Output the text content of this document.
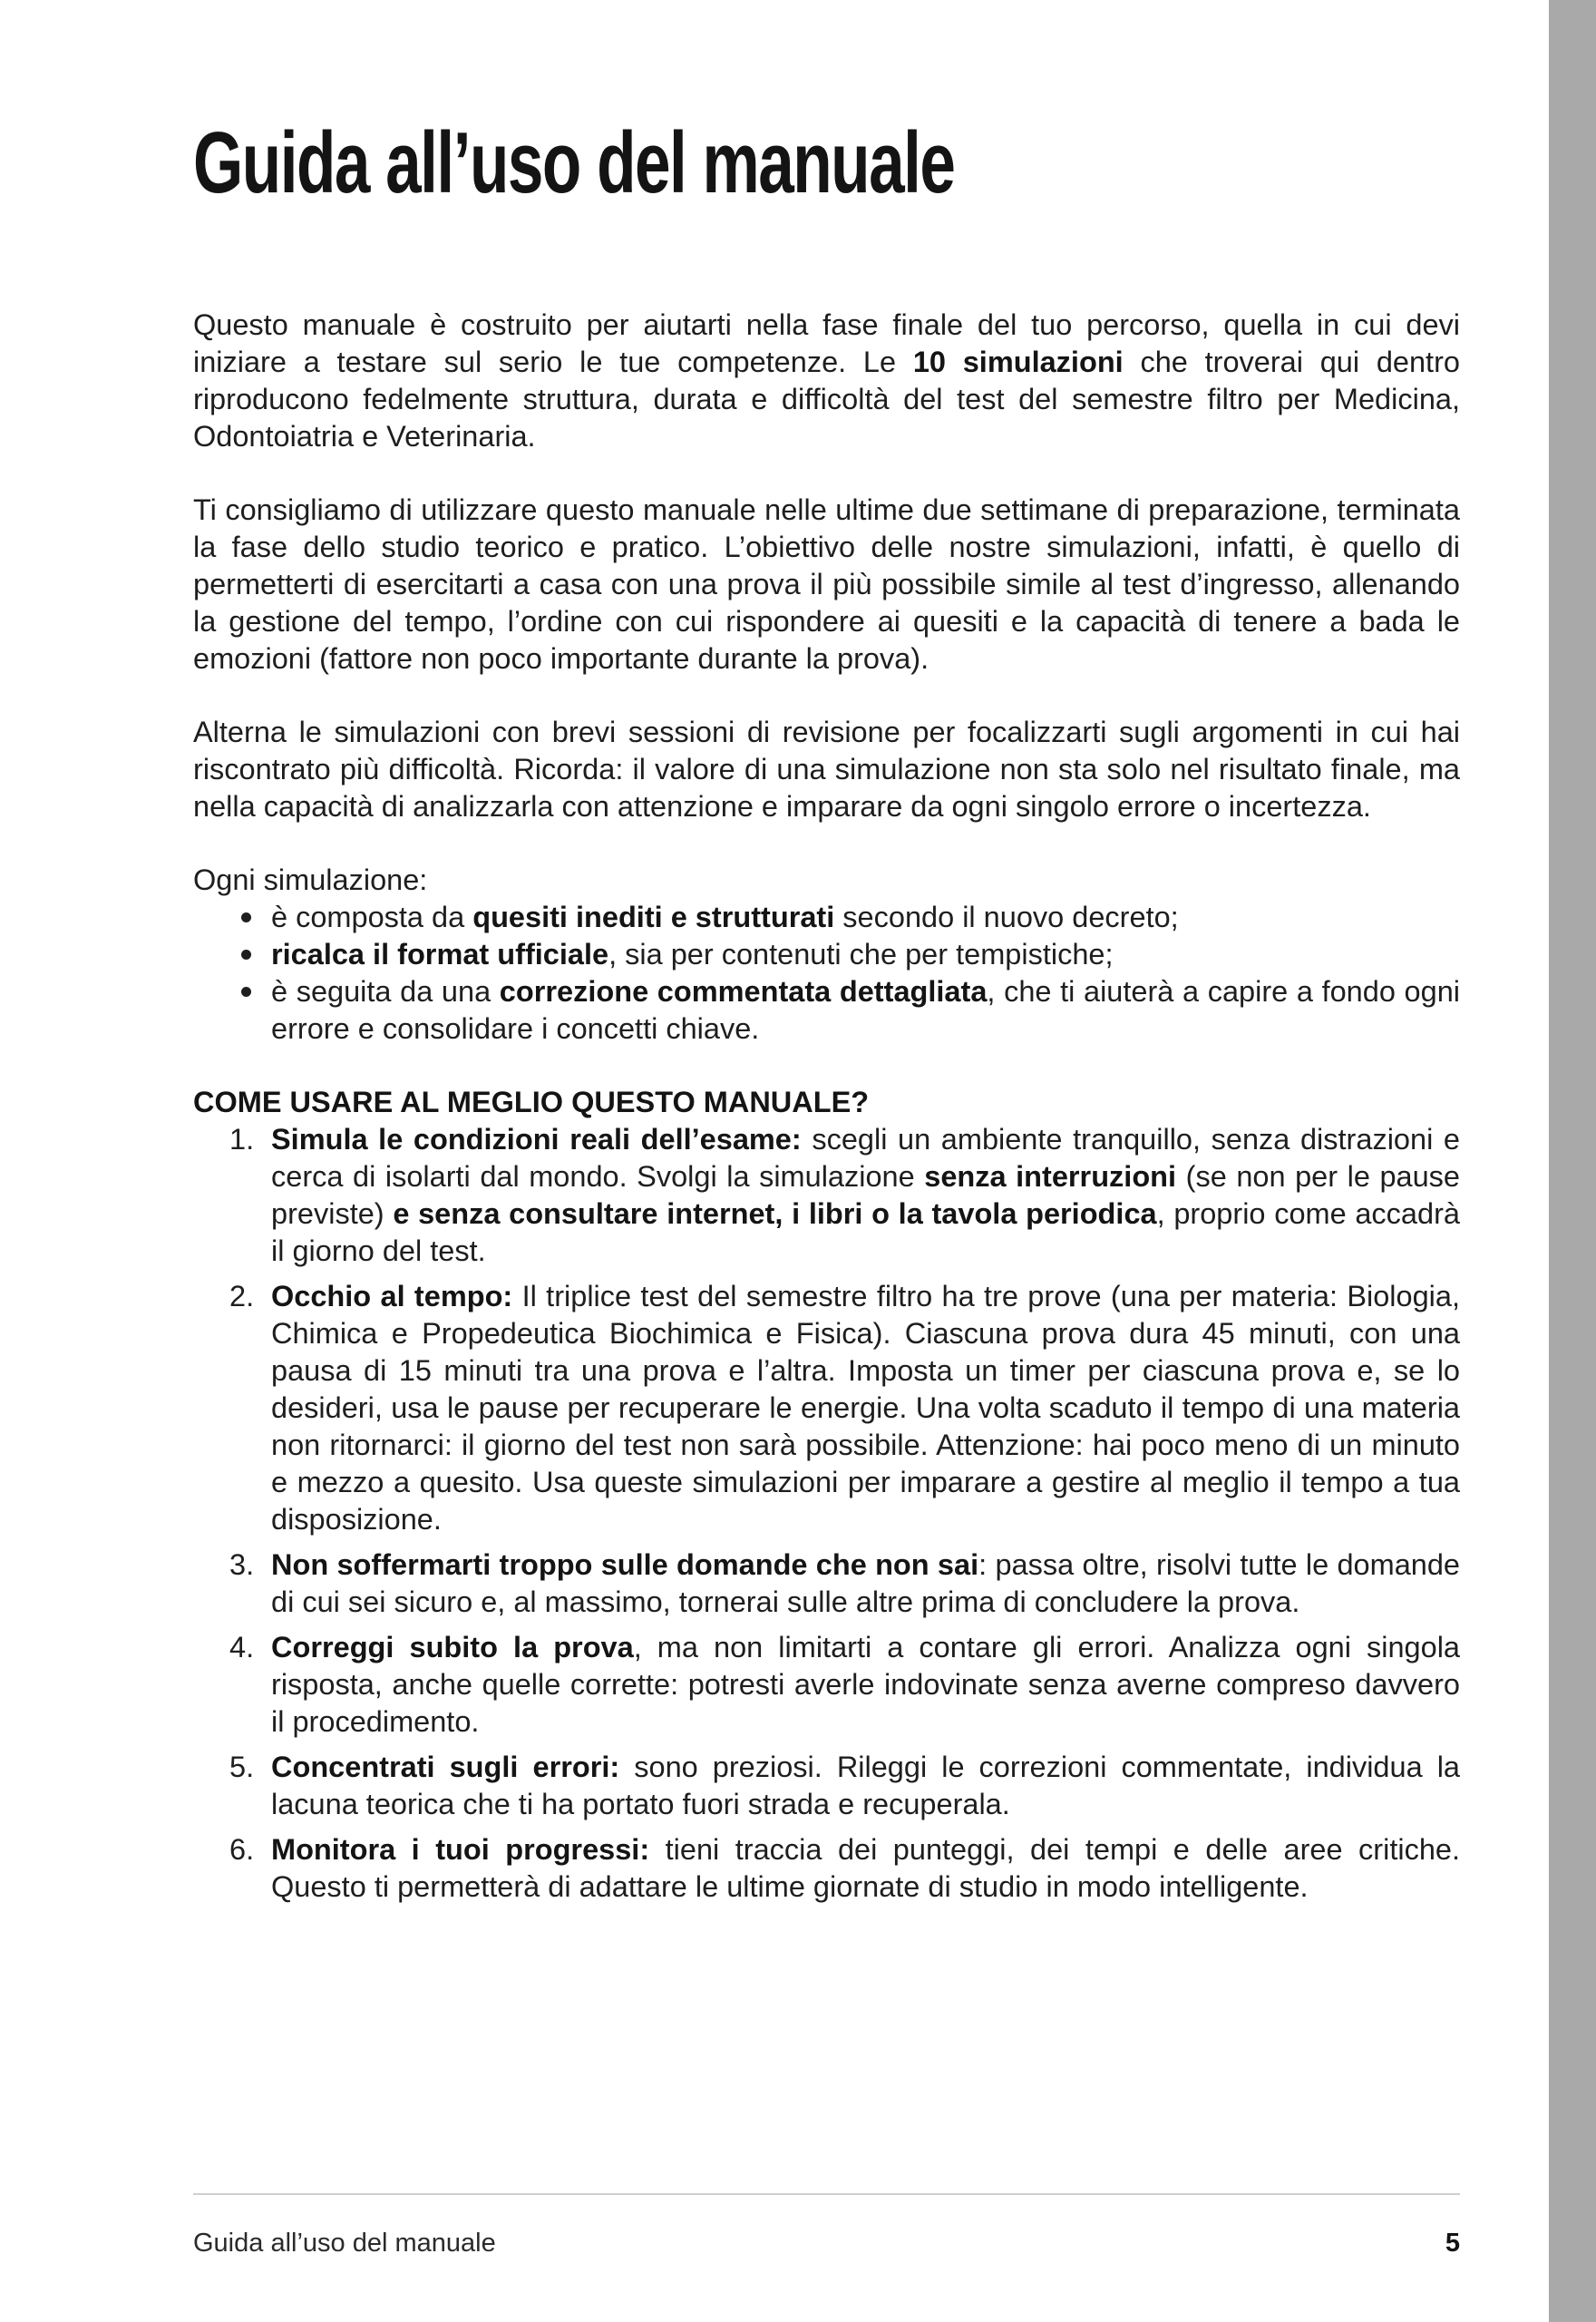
Guida all’uso del manuale

Questo manuale è costruito per aiutarti nella fase finale del tuo percorso, quella in cui devi iniziare a testare sul serio le tue competenze. Le 10 simulazioni che troverai qui dentro riproducono fedelmente struttura, durata e difficoltà del test del semestre filtro per Medicina, Odontoiatria e Veterinaria.

Ti consigliamo di utilizzare questo manuale nelle ultime due settimane di preparazione, terminata la fase dello studio teorico e pratico. L’obiettivo delle nostre simulazioni, infatti, è quello di permetterti di esercitarti a casa con una prova il più possibile simile al test d’ingresso, allenando la gestione del tempo, l’ordine con cui rispondere ai quesiti e la capacità di tenere a bada le emozioni (fattore non poco importante durante la prova).

Alterna le simulazioni con brevi sessioni di revisione per focalizzarti sugli argomenti in cui hai riscontrato più difficoltà. Ricorda: il valore di una simulazione non sta solo nel risultato finale, ma nella capacità di analizzarla con attenzione e imparare da ogni singolo errore o incertezza.

Ogni simulazione:

è composta da quesiti inediti e strutturati secondo il nuovo decreto;
ricalca il format ufficiale, sia per contenuti che per tempistiche;
è seguita da una correzione commentata dettagliata, che ti aiuterà a capire a fondo ogni errore e consolidare i concetti chiave.

COME USARE AL MEGLIO QUESTO MANUALE?

1. Simula le condizioni reali dell’esame: scegli un ambiente tranquillo, senza distrazioni e cerca di isolarti dal mondo. Svolgi la simulazione senza interruzioni (se non per le pause previste) e senza consultare internet, i libri o la tavola periodica, proprio come accadrà il giorno del test.
2. Occhio al tempo: Il triplice test del semestre filtro ha tre prove (una per materia: Biologia, Chimica e Propedeutica Biochimica e Fisica). Ciascuna prova dura 45 minuti, con una pausa di 15 minuti tra una prova e l’altra. Imposta un timer per ciascuna prova e, se lo desideri, usa le pause per recuperare le energie. Una volta scaduto il tempo di una materia non ritornarci: il giorno del test non sarà possibile. Attenzione: hai poco meno di un minuto e mezzo a quesito. Usa queste simulazioni per imparare a gestire al meglio il tempo a tua disposizione.
3. Non soffermarti troppo sulle domande che non sai: passa oltre, risolvi tutte le domande di cui sei sicuro e, al massimo, tornerai sulle altre prima di concludere la prova.
4. Correggi subito la prova, ma non limitarti a contare gli errori. Analizza ogni singola risposta, anche quelle corrette: potresti averle indovinate senza averne compreso davvero il procedimento.
5. Concentrati sugli errori: sono preziosi. Rileggi le correzioni commentate, individua la lacuna teorica che ti ha portato fuori strada e recuperala.
6. Monitora i tuoi progressi: tieni traccia dei punteggi, dei tempi e delle aree critiche. Questo ti permetterà di adattare le ultime giornate di studio in modo intelligente.
Guida all’uso del manuale	5
